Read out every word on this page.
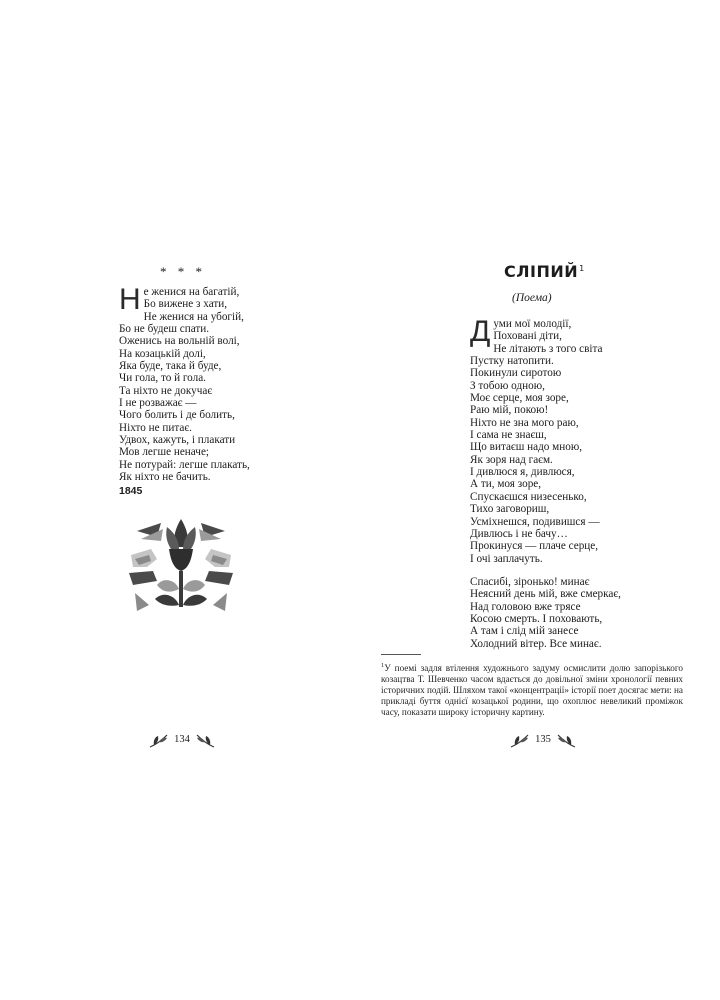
* * *
Н е женися на багатій,
Бо вижене з хати,
Не женися на убогій,
Бо не будеш спати.
Оженись на вольній волі,
На козацькій долі,
Яка буде, така й буде,
Чи гола, то й гола.
Та ніхто не докучає
І не розважає —
Чого болить і де болить,
Ніхто не питає.
Удвох, кажуть, і плакати
Мов легше неначе;
Не потурай: легше плакать,
Як ніхто не бачить.
1845
134
СЛІПИЙ$^1$
(Поема)
Д уми мої молодії,
Поховані діти,
Не літають з того світа
Пустку натопити.
Покинули сиротою
З тобою одною,
Моє серце, моя зоре,
Раю мій, покою!
Ніхто не зна мого раю,
І сама не знаєш,
Що витаєш надо мною,
Як зоря над гаєм.
І дивлюся я, дивлюся,
А ти, моя зоре,
Спускаєшся низесенько,
Тихо заговориш,
Усміхнешся, подивишся —
Дивлюсь і не бачу…
Прокинуся — плаче серце,
І очі заплачуть.
Спасибі, зіронько! минає
Неясний день мій, вже смеркає,
Над головою вже трясе
Косою смерть. І поховають,
А там і слід мій занесе
Холодний вітер. Все минає.
$^1$У поемі задля втілення художнього задуму осмислити долю запорізького козацтва Т. Шевченко часом вдається до довільної зміни хронології певних історичних подій. Шляхом такої «концентрації» історії поет досягає мети: на прикладі буття однієї козацької родини, що охоплює невеликий проміжок часу, показати широку історичну картину.
135
